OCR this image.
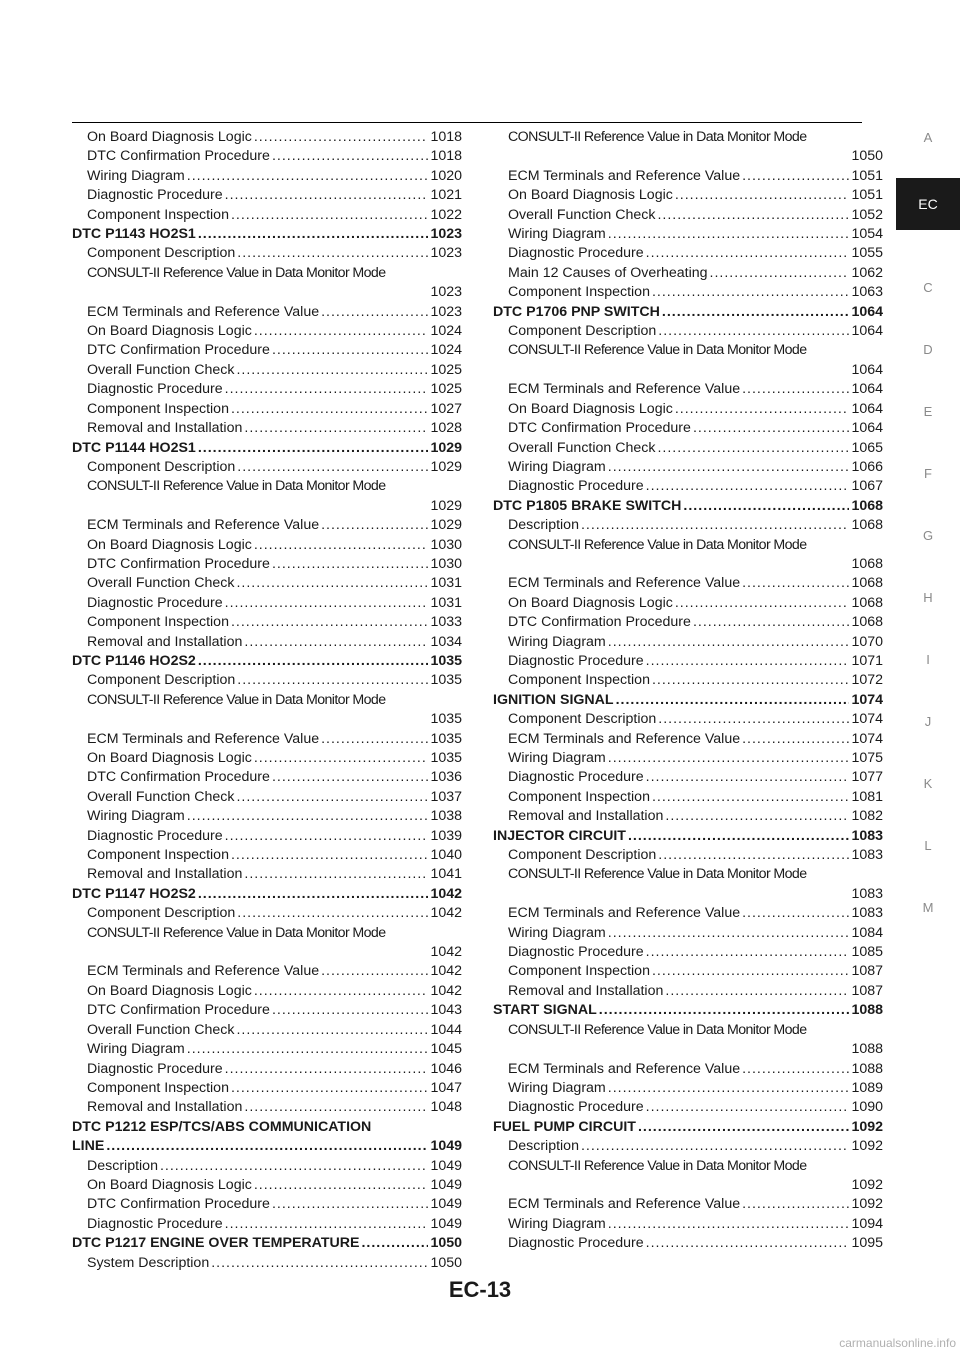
On Board Diagnosis Logic .....	1018
DTC Confirmation Procedure .....	1018
Wiring Diagram .....	1020
Diagnostic Procedure .....	1021
Component Inspection .....	1022
DTC P1143 HO2S1 .....	1023
Component Description .....	1023
CONSULT-II Reference Value in Data Monitor Mode
1023
ECM Terminals and Reference Value .....	1023
On Board Diagnosis Logic .....	1024
DTC Confirmation Procedure .....	1024
Overall Function Check .....	1025
Diagnostic Procedure .....	1025
Component Inspection .....	1027
Removal and Installation .....	1028
DTC P1144 HO2S1 .....	1029
Component Description .....	1029
CONSULT-II Reference Value in Data Monitor Mode
1029
ECM Terminals and Reference Value .....	1029
On Board Diagnosis Logic .....	1030
DTC Confirmation Procedure .....	1030
Overall Function Check .....	1031
Diagnostic Procedure .....	1031
Component Inspection .....	1033
Removal and Installation .....	1034
DTC P1146 HO2S2 .....	1035
Component Description .....	1035
CONSULT-II Reference Value in Data Monitor Mode
1035
ECM Terminals and Reference Value .....	1035
On Board Diagnosis Logic .....	1035
DTC Confirmation Procedure .....	1036
Overall Function Check .....	1037
Wiring Diagram .....	1038
Diagnostic Procedure .....	1039
Component Inspection .....	1040
Removal and Installation .....	1041
DTC P1147 HO2S2 .....	1042
Component Description .....	1042
CONSULT-II Reference Value in Data Monitor Mode
1042
ECM Terminals and Reference Value .....	1042
On Board Diagnosis Logic .....	1042
DTC Confirmation Procedure .....	1043
Overall Function Check .....	1044
Wiring Diagram .....	1045
Diagnostic Procedure .....	1046
Component Inspection .....	1047
Removal and Installation .....	1048
DTC P1212 ESP/TCS/ABS COMMUNICATION
LINE .....	1049
Description .....	1049
On Board Diagnosis Logic .....	1049
DTC Confirmation Procedure .....	1049
Diagnostic Procedure .....	1049
DTC P1217 ENGINE OVER TEMPERATURE .....	1050
System Description .....	1050
CONSULT-II Reference Value in Data Monitor Mode
1050
ECM Terminals and Reference Value .....	1051
On Board Diagnosis Logic .....	1051
Overall Function Check .....	1052
Wiring Diagram .....	1054
Diagnostic Procedure .....	1055
Main 12 Causes of Overheating .....	1062
Component Inspection .....	1063
DTC P1706 PNP SWITCH .....	1064
Component Description .....	1064
CONSULT-II Reference Value in Data Monitor Mode
1064
ECM Terminals and Reference Value .....	1064
On Board Diagnosis Logic .....	1064
DTC Confirmation Procedure .....	1064
Overall Function Check .....	1065
Wiring Diagram .....	1066
Diagnostic Procedure .....	1067
DTC P1805 BRAKE SWITCH .....	1068
Description .....	1068
CONSULT-II Reference Value in Data Monitor Mode
1068
ECM Terminals and Reference Value .....	1068
On Board Diagnosis Logic .....	1068
DTC Confirmation Procedure .....	1068
Wiring Diagram .....	1070
Diagnostic Procedure .....	1071
Component Inspection .....	1072
IGNITION SIGNAL .....	1074
Component Description .....	1074
ECM Terminals and Reference Value .....	1074
Wiring Diagram .....	1075
Diagnostic Procedure .....	1077
Component Inspection .....	1081
Removal and Installation .....	1082
INJECTOR CIRCUIT .....	1083
Component Description .....	1083
CONSULT-II Reference Value in Data Monitor Mode
1083
ECM Terminals and Reference Value .....	1083
Wiring Diagram .....	1084
Diagnostic Procedure .....	1085
Component Inspection .....	1087
Removal and Installation .....	1087
START SIGNAL .....	1088
CONSULT-II Reference Value in Data Monitor Mode
1088
ECM Terminals and Reference Value .....	1088
Wiring Diagram .....	1089
Diagnostic Procedure .....	1090
FUEL PUMP CIRCUIT .....	1092
Description .....	1092
CONSULT-II Reference Value in Data Monitor Mode
1092
ECM Terminals and Reference Value .....	1092
Wiring Diagram .....	1094
Diagnostic Procedure .....	1095
A
EC
C
D
E
F
G
H
I
J
K
L
M
EC-13
carmanualsonline.info
